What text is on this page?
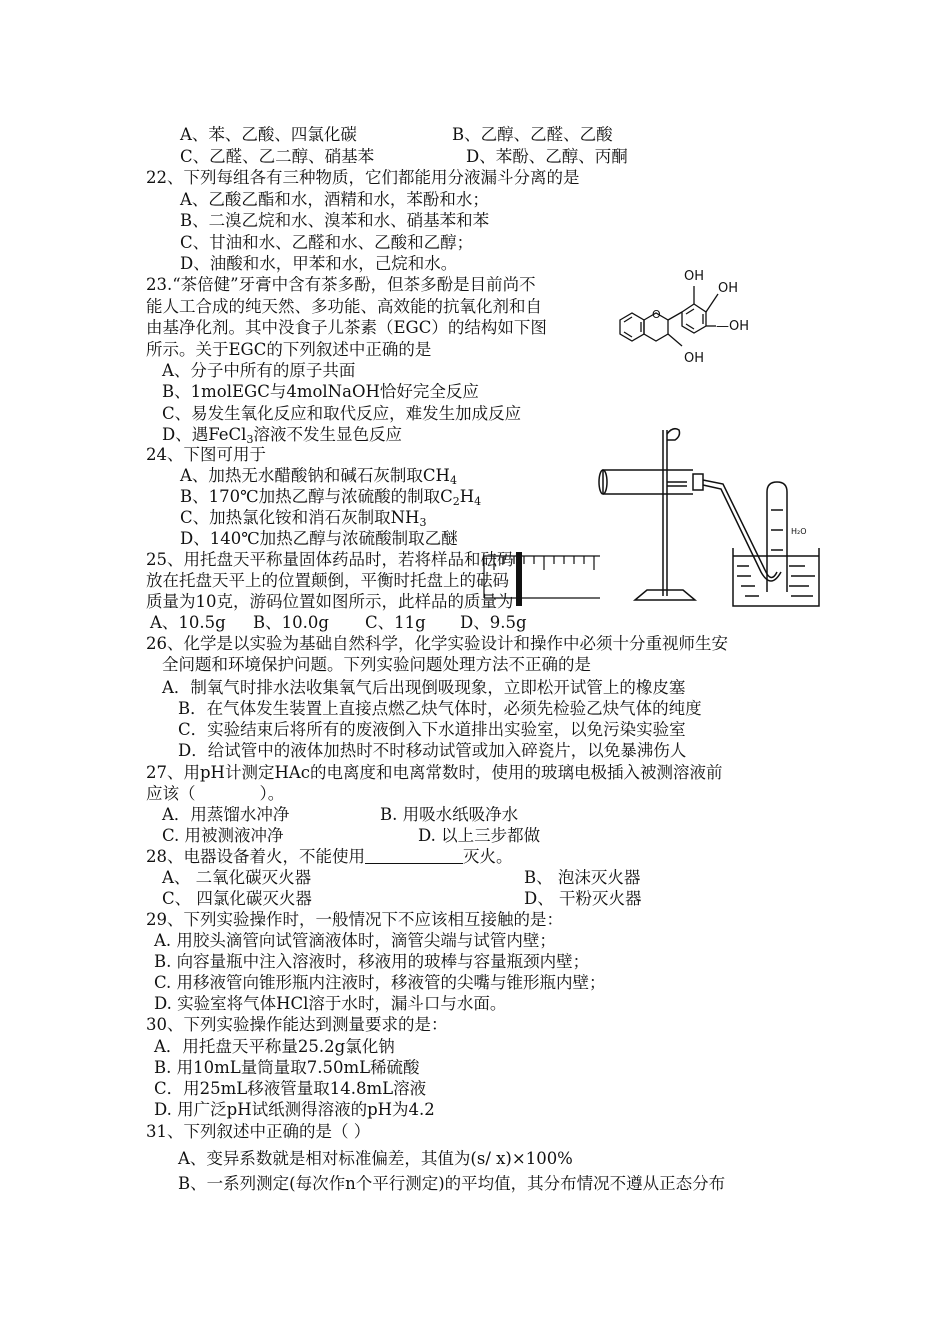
A、苯、乙酸、四氯化碳	B、乙醇、乙醛、乙酸
C、乙醛、乙二醇、硝基苯	D、苯酚、乙醇、丙酮
22、下列每组各有三种物质，它们都能用分液漏斗分离的是
A、乙酸乙酯和水，酒精和水，苯酚和水；
B、二溴乙烷和水、溴苯和水、硝基苯和苯
C、甘油和水、乙醛和水、乙酸和乙醇；
D、油酸和水，甲苯和水，己烷和水。
23.“茶倍健”牙膏中含有茶多酚，但茶多酚是目前尚不
能人工合成的纯天然、多功能、高效能的抗氧化剂和自
由基净化剂。其中没食子儿茶素（EGC）的结构如下图
所示。关于EGC的下列叙述中正确的是
A、分子中所有的原子共面
B、1molEGC与4molNaOH恰好完全反应
C、易发生氧化反应和取代反应，难发生加成反应
D、遇FeCl$_3$溶液不发生显色反应
O
OH
OH
—OH
OH
24、下图可用于
A、加热无水醋酸钠和碱石灰制取$CH_4$
B、170℃加热乙醇与浓硫酸的制取$C_2H_4$
C、加热氯化铵和消石灰制取$NH_3$
D、140℃加热乙醇与浓硫酸制取乙醚	H₂O
25、用托盘天平称量固体药品时，若将样品和砝码
放在托盘天平上的位置颠倒，平衡时托盘上的砝码
质量为10克，游码位置如图所示，此样品的质量为
A、10.5g B、10.0g C、11g D、9.5g
26、化学是以实验为基础自然科学，化学实验设计和操作中必须十分重视师生安
全问题和环境保护问题。下列实验问题处理方法不正确的是
A．制氧气时排水法收集氧气后出现倒吸现象，立即松开试管上的橡皮塞
B．在气体发生装置上直接点燃乙炔气体时，必须先检验乙炔气体的纯度
C．实验结束后将所有的废液倒入下水道排出实验室，以免污染实验室
D．给试管中的液体加热时不时移动试管或加入碎瓷片，以免暴沸伤人
27、用pH计测定HAc的电离度和电离常数时，使用的玻璃电极插入被测溶液前
应该（	）。
A．用蒸馏水冲净	B. 用吸水纸吸净水
C. 用被测液冲净	D. 以上三步都做
28、电器设备着火，不能使用	灭火。
A、 二氧化碳灭火器	B、 泡沫灭火器
C、 四氯化碳灭火器	D、 干粉灭火器
29、下列实验操作时，一般情况下不应该相互接触的是：
A. 用胶头滴管向试管滴液体时，滴管尖端与试管内壁；
B. 向容量瓶中注入溶液时，移液用的玻棒与容量瓶颈内壁；
C. 用移液管向锥形瓶内注液时，移液管的尖嘴与锥形瓶内壁；
D. 实验室将气体HCl溶于水时，漏斗口与水面。
30、下列实验操作能达到测量要求的是：
A．用托盘天平称量25.2g氯化钠
B. 用10mL量筒量取7.50mL稀硫酸
C．用25mL移液管量取14.8mL溶液
D. 用广泛pH试纸测得溶液的pH为4.2
31、下列叙述中正确的是（ ）
A、变异系数就是相对标准偏差，其值为(s/ x)×100%
B、一系列测定(每次作n个平行测定)的平均值，其分布情况不遵从正态分布
